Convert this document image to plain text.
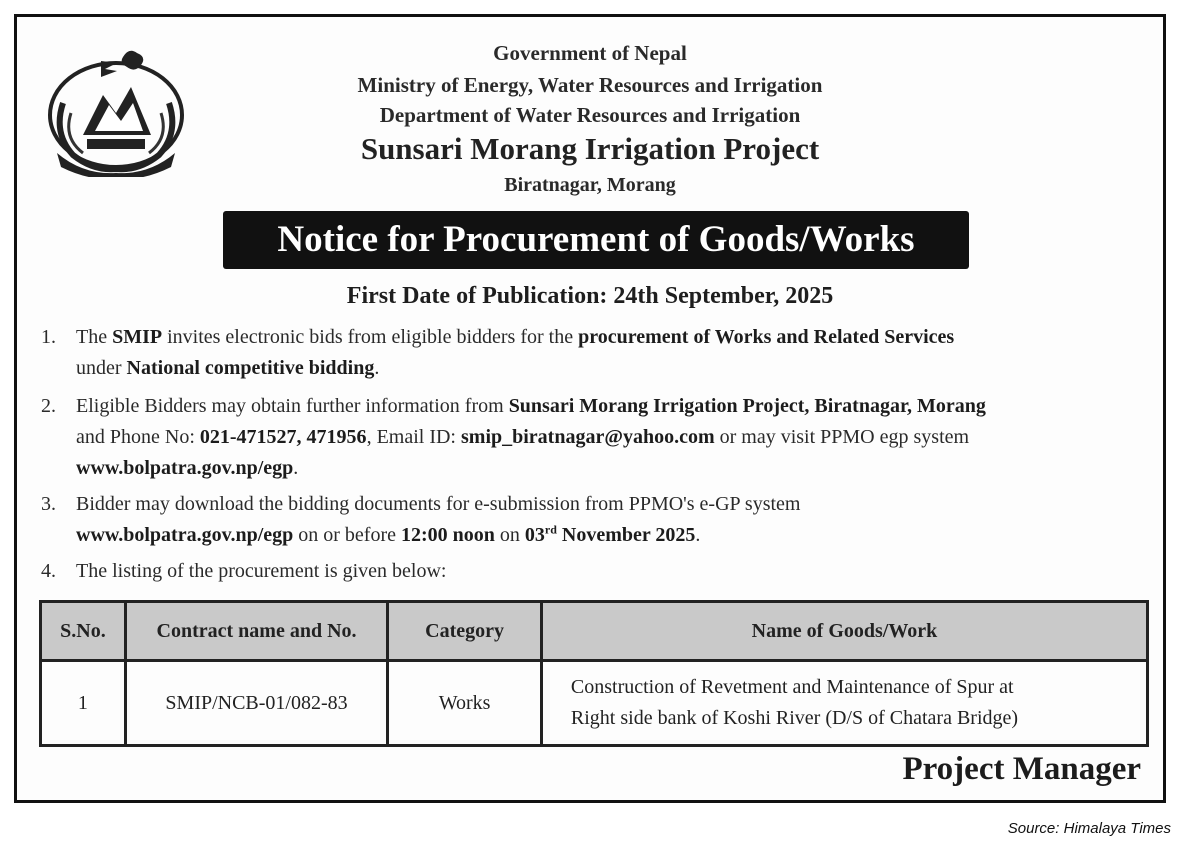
Government of Nepal
Ministry of Energy, Water Resources and Irrigation
Department of Water Resources and Irrigation
Sunsari Morang Irrigation Project
Biratnagar, Morang
Notice for Procurement of Goods/Works
First Date of Publication: 24th September, 2025
1. The SMIP invites electronic bids from eligible bidders for the procurement of Works and Related Services
under National competitive bidding.
2. Eligible Bidders may obtain further information from Sunsari Morang Irrigation Project, Biratnagar, Morang
and Phone No: 021-471527, 471956, Email ID: smip_biratnagar@yahoo.com or may visit PPMO egp system
www.bolpatra.gov.np/egp.
3. Bidder may download the bidding documents for e-submission from PPMO's e-GP system
www.bolpatra.gov.np/egp on or before 12:00 noon on 03rd November 2025.
4. The listing of the procurement is given below:
S.No.	Contract name and No.	Category	Name of Goods/Work
1	SMIP/NCB-01/082-83	Works	Construction of Revetment and Maintenance of Spur at
Right side bank of Koshi River (D/S of Chatara Bridge)
Project Manager
Source: Himalaya Times
